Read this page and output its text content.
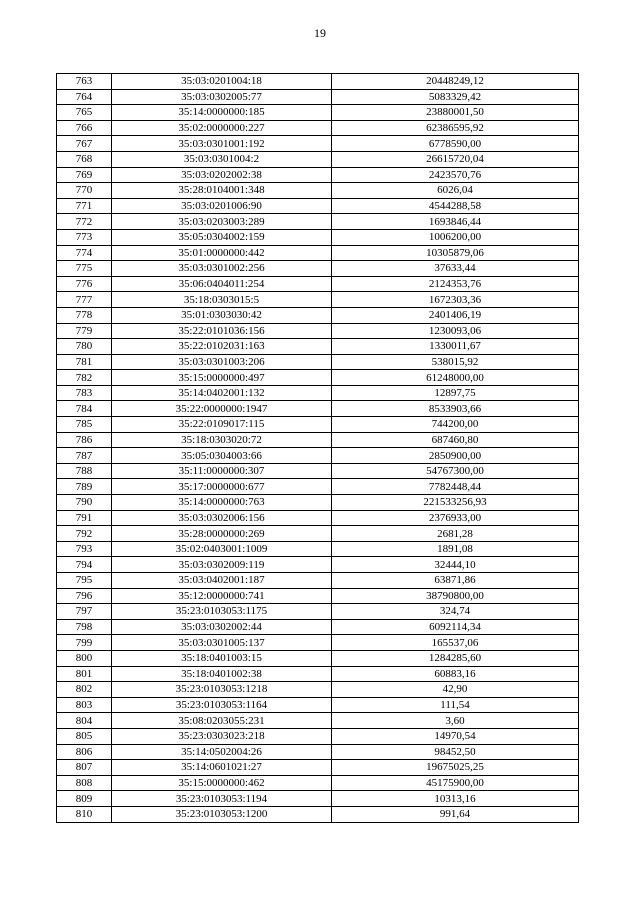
19
763	35:03:0201004:18	20448249,12
764	35:03:0302005:77	5083329,42
765	35:14:0000000:185	23880001,50
766	35:02:0000000:227	62386595,92
767	35:03:0301001:192	6778590,00
768	35:03:0301004:2	26615720,04
769	35:03:0202002:38	2423570,76
770	35:28:0104001:348	6026,04
771	35:03:0201006:90	4544288,58
772	35:03:0203003:289	1693846,44
773	35:05:0304002:159	1006200,00
774	35:01:0000000:442	10305879,06
775	35:03:0301002:256	37633,44
776	35:06:0404011:254	2124353,76
777	35:18:0303015:5	1672303,36
778	35:01:0303030:42	2401406,19
779	35:22:0101036:156	1230093,06
780	35:22:0102031:163	1330011,67
781	35:03:0301003:206	538015,92
782	35:15:0000000:497	61248000,00
783	35:14:0402001:132	12897,75
784	35:22:0000000:1947	8533903,66
785	35:22:0109017:115	744200,00
786	35:18:0303020:72	687460,80
787	35:05:0304003:66	2850900,00
788	35:11:0000000:307	54767300,00
789	35:17:0000000:677	7782448,44
790	35:14:0000000:763	221533256,93
791	35:03:0302006:156	2376933,00
792	35:28:0000000:269	2681,28
793	35:02:0403001:1009	1891,08
794	35:03:0302009:119	32444,10
795	35:03:0402001:187	63871,86
796	35:12:0000000:741	38790800,00
797	35:23:0103053:1175	324,74
798	35:03:0302002:44	6092114,34
799	35:03:0301005:137	165537,06
800	35:18:0401003:15	1284285,60
801	35:18:0401002:38	60883,16
802	35:23:0103053:1218	42,90
803	35:23:0103053:1164	111,54
804	35:08:0203055:231	3,60
805	35:23:0303023:218	14970,54
806	35:14:0502004:26	98452,50
807	35:14:0601021:27	19675025,25
808	35:15:0000000:462	45175900,00
809	35:23:0103053:1194	10313,16
810	35:23:0103053:1200	991,64
